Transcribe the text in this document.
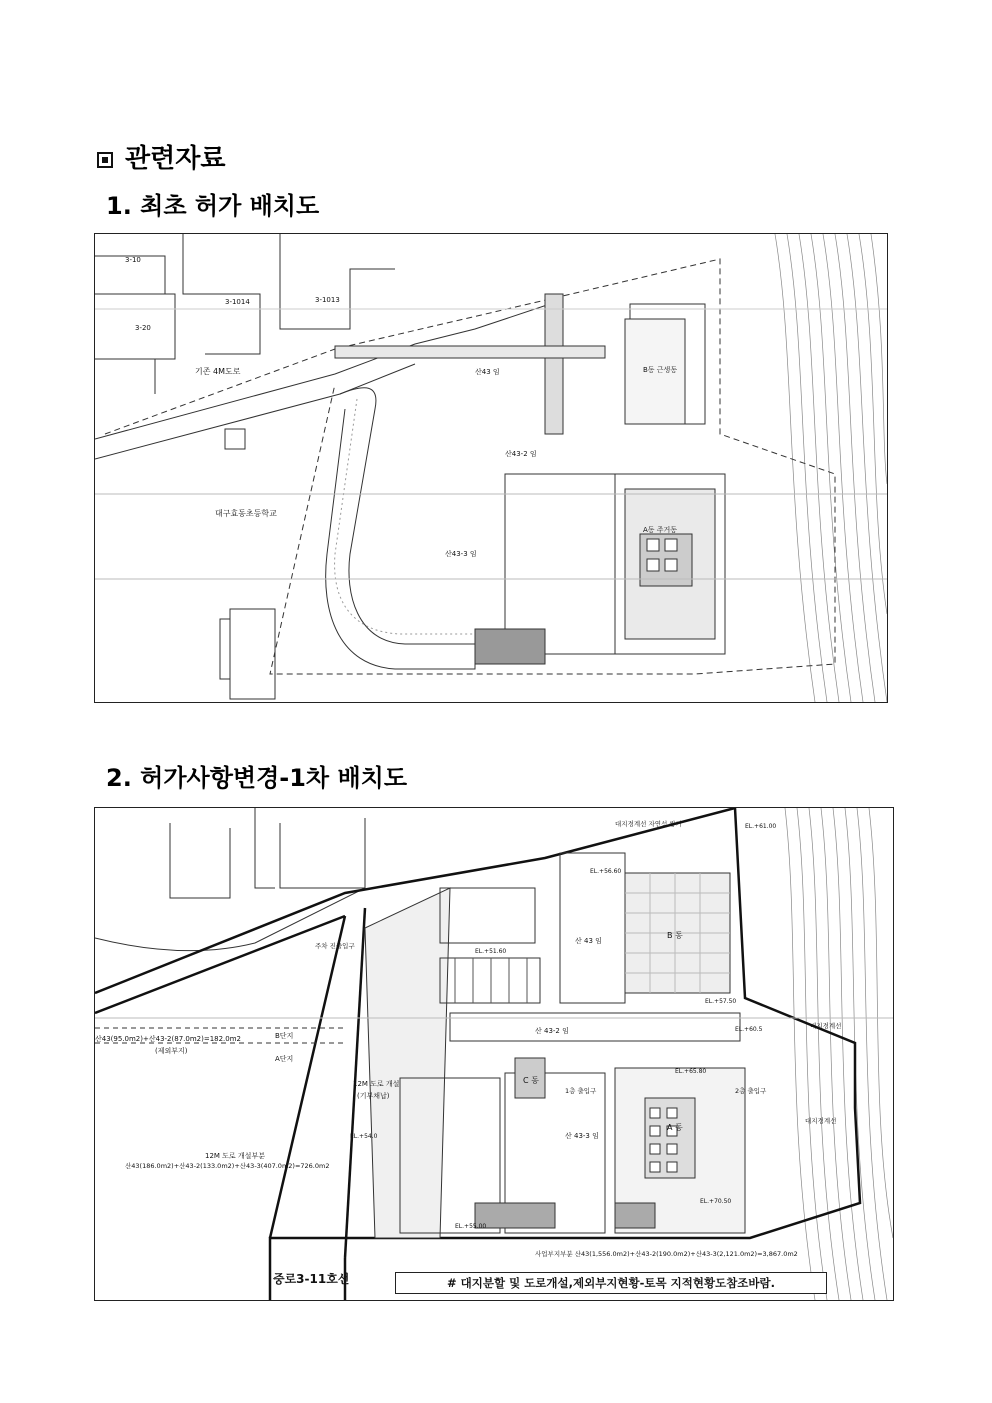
관련자료
1. 최초 허가 배치도
기존 4M도로
대구효동초등학교
산43 임
산43-2 임
산43-3 임
B동 근생동
A동 주거동
3-1014	3-1013
3-10
3-20
2. 허가사항변경-1차 배치도
(제외부지)
산43(95.0m2)+산43-2(87.0m2)=182.0m2	B단지
A단지
12M 도로 개설
(기부채납)
12M 도로 개설부분
산43(186.0m2)+산43-2(133.0m2)+산43-3(407.0m2)=726.0m2
산 43 임
산 43-2 임
산 43-3 임
B 동
C 동
A 동
대지경계선 자연석 쌓기
대지경계선
대지경계선
사업부지부분 산43(1,556.0m2)+산43-2(190.0m2)+산43-3(2,121.0m2)=3,867.0m2
주차 진출입구
1층 출입구	2층 출입구
EL.+51.60
EL.+56.60
EL.+61.00
EL.+57.50
EL.+60.5
EL.+54.0
EL.+55.00
EL.+65.80
EL.+70.50
중로3-11호선	# 대지분할 및 도로개설,제외부지현황-토목 지적현황도참조바람.
